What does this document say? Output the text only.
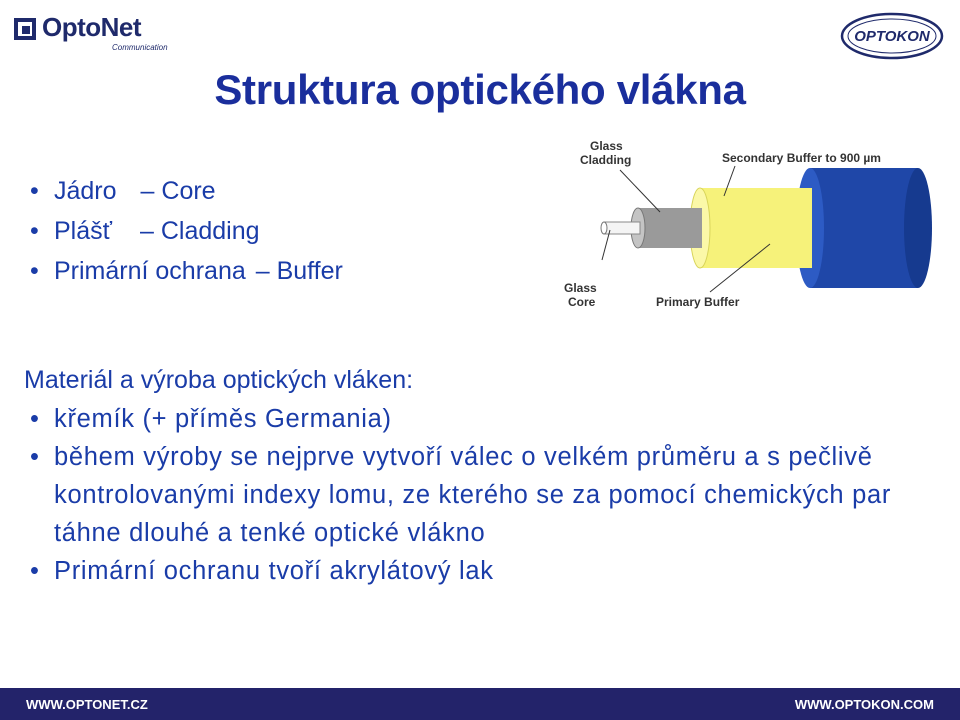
OptoNet
Communication
OPTOKON
Struktura optického vlákna
• Jádro – Core
• Plášť – Cladding
• Primární ochrana – Buffer
Glass
Cladding	Secondary Buffer to 900 µm
Glass
Core	Primary Buffer
Materiál a výroba optických vláken:
• křemík (+ příměs Germania)
• během výroby se nejprve vytvoří válec o velkém průměru a s pečlivě kontrolovanými indexy lomu, ze kterého se za pomocí chemických par táhne dlouhé a tenké optické vlákno
• Primární ochranu tvoří akrylátový lak
WWW.OPTONET.CZ	WWW.OPTOKON.COM
